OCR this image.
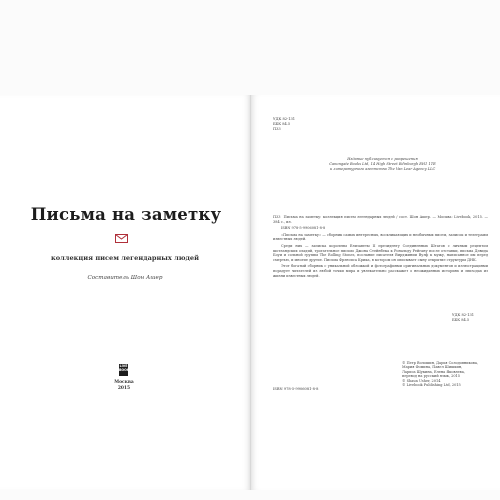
Письма на заметку
коллекция писем легендарных людей
Составитель Шон Ашер
LIVE
BOOK
Москва
2015
УДК 82-131
ББК 84.5
П33
Издание публикуется с разрешения
Canongate Books Ltd, 14 High Street Edinburgh EH1 1TE
и литературного агентства The Van Lear Agency LLC

П33 Письма на заметку: коллекция писем легендарных людей / сост. Шон Ашер. — Москва: Livebook, 2015. — 384 с., ил.

ISBN 978-5-9906081-8-8

«Письма на заметку» — сборник самых интересных, воскликающих и необычных писем, записок и телеграмм известных людей.

Среди них — записка королевы Елизаветы II президенту Соединенных Штатов с личным рецептом шотландских оладий, трогательное письмо Джона Стейнбека к Рональду Рейгану после отставки, письма Дэвида Боуи и сольной группы The Rolling Stones, послание писателя Вирджинии Вулф к мужу, написанное им перед смертью, и многие другие. Письма Фрэнсиса Крика, в котором он описывает сыну открытие структуры ДНК.

Этот богатый сборник с уникальной обложкой и фотографиями оригинальных документов и иллюстрациями порадует читателей из любой точки мира и увлекательно расскажет о неожиданных историях и эпизодах из жизни известных людей.

УДК 82-131
ББК 84.5

© Петр Волошин, Дарья Солодовникова,

Мария Фомина, Павел Шишкин,

Лариса Щукина, Елена Яковлева,

перевод на русский язык, 2015

© Shaun Usher, 2014

© Livebook Publishing Ltd, 2015

ISBN 978-5-9906081-8-8
